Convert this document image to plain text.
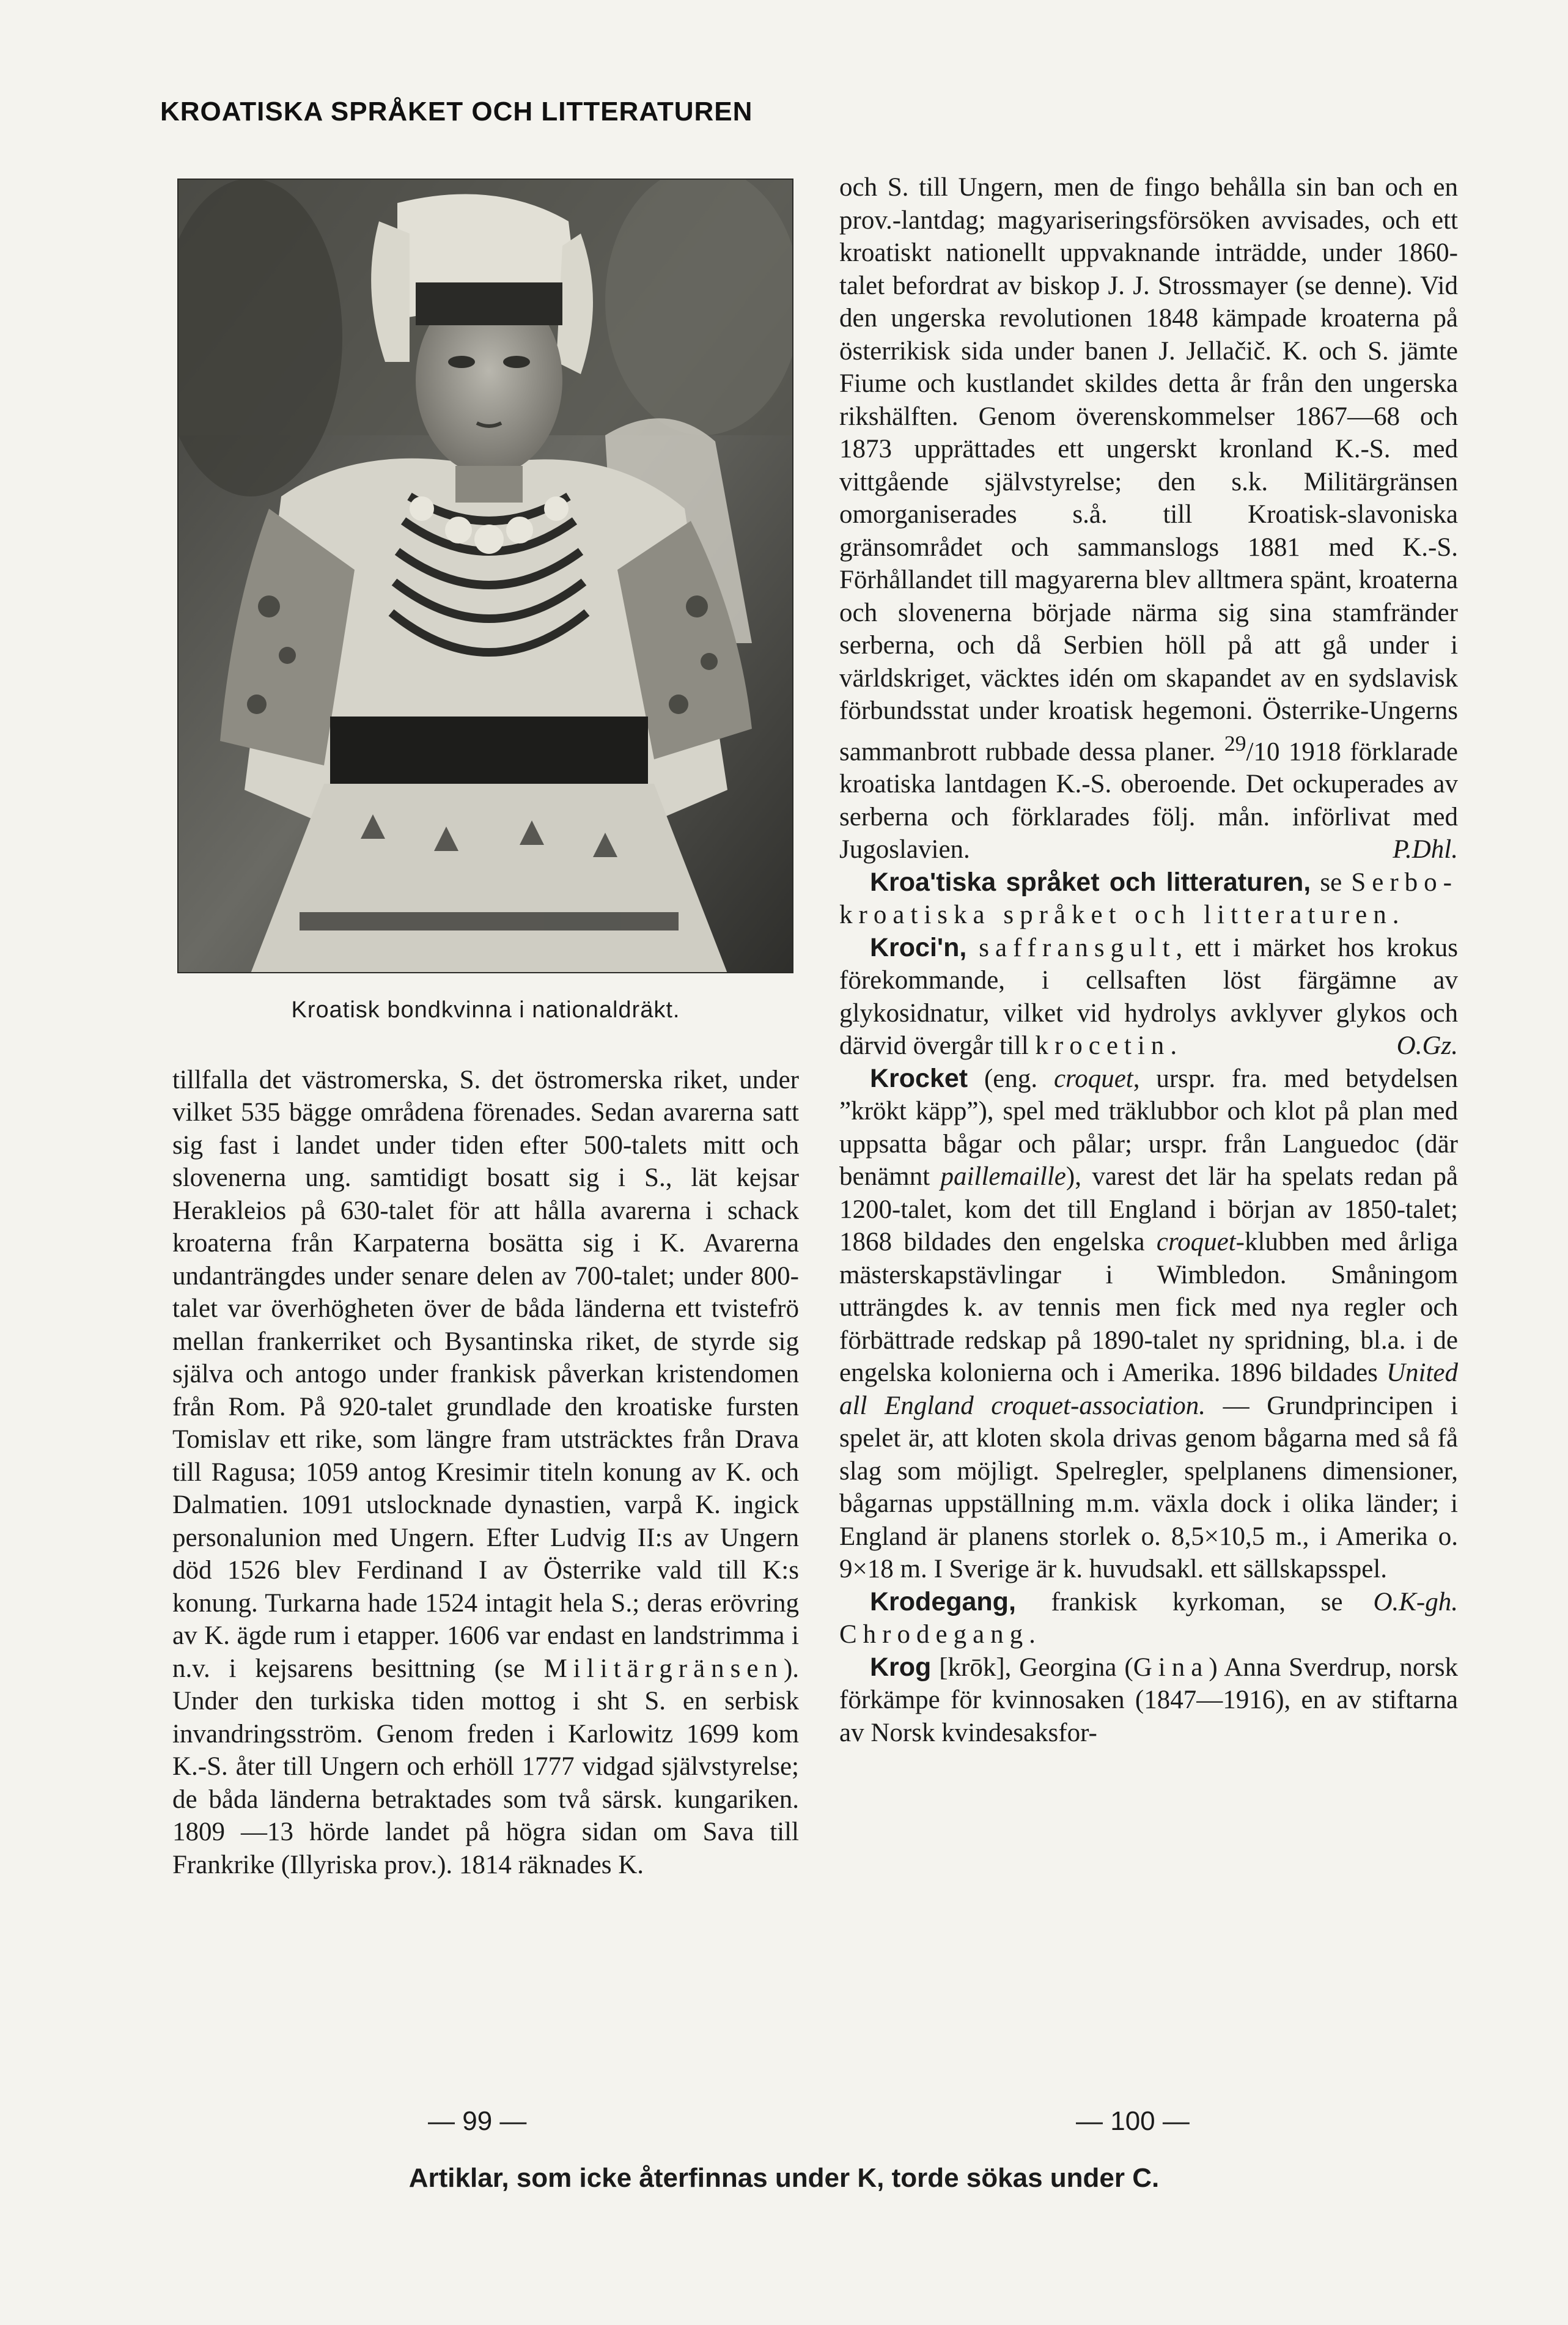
KROATISKA SPRÅKET OCH LITTERATUREN
Kroatisk bondkvinna i nationaldräkt.

tillfalla det västromerska, S. det östromerska riket, under vilket 535 bägge områdena förenades. Sedan avarerna satt sig fast i landet under tiden efter 500-talets mitt och slovenerna ung. samtidigt bosatt sig i S., lät kejsar Herakleios på 630-talet för att hålla avarerna i schack kroaterna från Karpaterna bosätta sig i K. Avarerna undanträngdes under senare delen av 700-talet; under 800-talet var överhögheten över de båda länderna ett tvistefrö mellan frankerriket och Bysantinska riket, de styrde sig själva och antogo under frankisk påverkan kristendomen från Rom. På 920-talet grundlade den kroatiske fursten Tomislav ett rike, som längre fram utsträcktes från Drava till Ragusa; 1059 antog Kresimir titeln konung av K. och Dalmatien. 1091 utslocknade dynastien, varpå K. ingick personalunion med Ungern. Efter Ludvig II:s av Ungern död 1526 blev Ferdinand I av Österrike vald till K:s konung. Turkarna hade 1524 intagit hela S.; deras erövring av K. ägde rum i etapper. 1606 var endast en landstrimma i n.v. i kejsarens besittning (se Militärgränsen). Under den turkiska tiden mottog i sht S. en serbisk invandringsström. Genom freden i Karlowitz 1699 kom K.-S. åter till Ungern och erhöll 1777 vidgad självstyrelse; de båda länderna betraktades som två särsk. kungariken. 1809 —13 hörde landet på högra sidan om Sava till Frankrike (Illyriska prov.). 1814 räknades K.

och S. till Ungern, men de fingo behålla sin ban och en prov.-lantdag; magyariseringsförsöken avvisades, och ett kroatiskt nationellt uppvaknande inträdde, under 1860-talet befordrat av biskop J. J. Strossmayer (se denne). Vid den ungerska revolutionen 1848 kämpade kroaterna på österrikisk sida under banen J. Jellačič. K. och S. jämte Fiume och kustlandet skildes detta år från den ungerska rikshälften. Genom överenskommelser 1867—68 och 1873 upprättades ett ungerskt kronland K.-S. med vittgående självstyrelse; den s.k. Militärgränsen omorganiserades s.å. till Kroatisk-slavoniska gränsområdet och sammanslogs 1881 med K.-S. Förhållandet till magyarerna blev alltmera spänt, kroaterna och slovenerna började närma sig sina stamfränder serberna, och då Serbien höll på att gå under i världskriget, väcktes idén om skapandet av en sydslavisk förbundsstat under kroatisk hegemoni. Österrike-Ungerns sammanbrott rubbade dessa planer. $^{29}$/10 1918 förklarade kroatiska lantdagen K.-S. oberoende. Det ockuperades av serberna och förklarades följ. mån. införlivat med Jugoslavien.	P.Dhl.

Kroa'tiska språket och litteraturen, se Serbo-kroatiska språket och litteraturen.

Kroci'n, saffransgult, ett i märket hos krokus förekommande, i cellsaften löst färgämne av glykosidnatur, vilket vid hydrolys avklyver glykos och därvid övergår till krocetin.	O.Gz.

Krocket (eng. croquet, urspr. fra. med betydelsen ”krökt käpp”), spel med träklubbor och klot på plan med uppsatta bågar och pålar; urspr. från Languedoc (där benämnt paillemaille), varest det lär ha spelats redan på 1200-talet, kom det till England i början av 1850-talet; 1868 bildades den engelska croquet-klubben med årliga mästerskapstävlingar i Wimbledon. Småningom utträngdes k. av tennis men fick med nya regler och förbättrade redskap på 1890-talet ny spridning, bl.a. i de engelska kolonierna och i Amerika. 1896 bildades United all England croquet-association. — Grundprincipen i spelet är, att kloten skola drivas genom bågarna med så få slag som möjligt. Spelregler, spelplanens dimensioner, bågarnas uppställning m.m. växla dock i olika länder; i England är planens storlek o. 8,5×10,5 m., i Amerika o. 9×18 m. I Sverige är k. huvudsakl. ett sällskapsspel.
O.K-gh.

Krodegang, frankisk kyrkoman, se Chrodegang.

Krog [krōk], Georgina (Gina) Anna Sverdrup, norsk förkämpe för kvinnosaken (1847—1916), en av stiftarna av Norsk kvindesaksfor-

— 99 —	— 100 —
Artiklar, som icke återfinnas under K, torde sökas under C.
